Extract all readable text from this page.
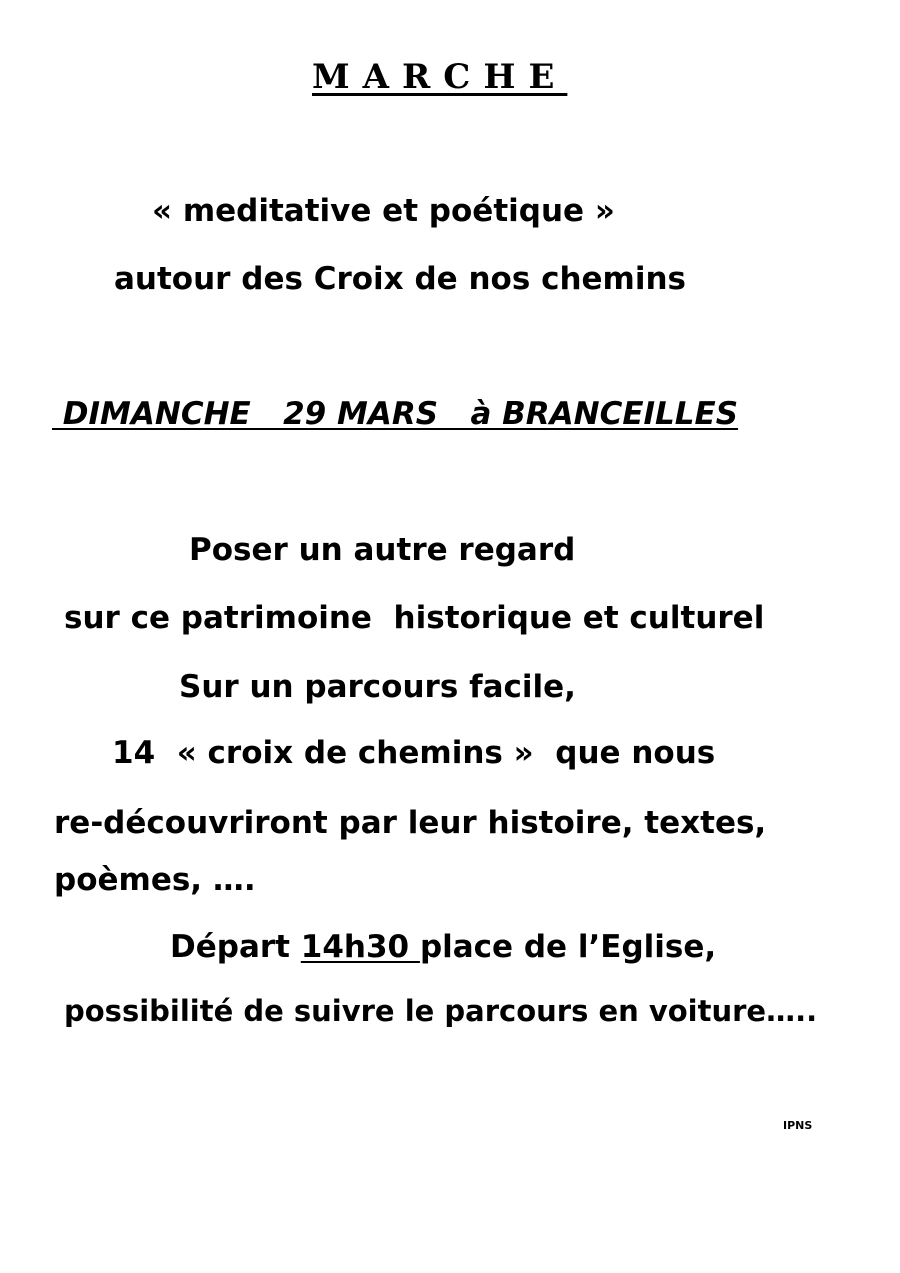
MARCHE
« meditative et poétique »
autour des Croix de nos chemins
DIMANCHE   29 MARS   à BRANCEILLES
Poser un autre regard
sur ce patrimoine  historique et culturel
Sur un parcours facile,
14  « croix de chemins »  que nous
re-découvriront par leur histoire, textes,
poèmes, ….
Départ 14h30 place de l’Eglise,
possibilité de suivre le parcours en voiture…..
IPNS
